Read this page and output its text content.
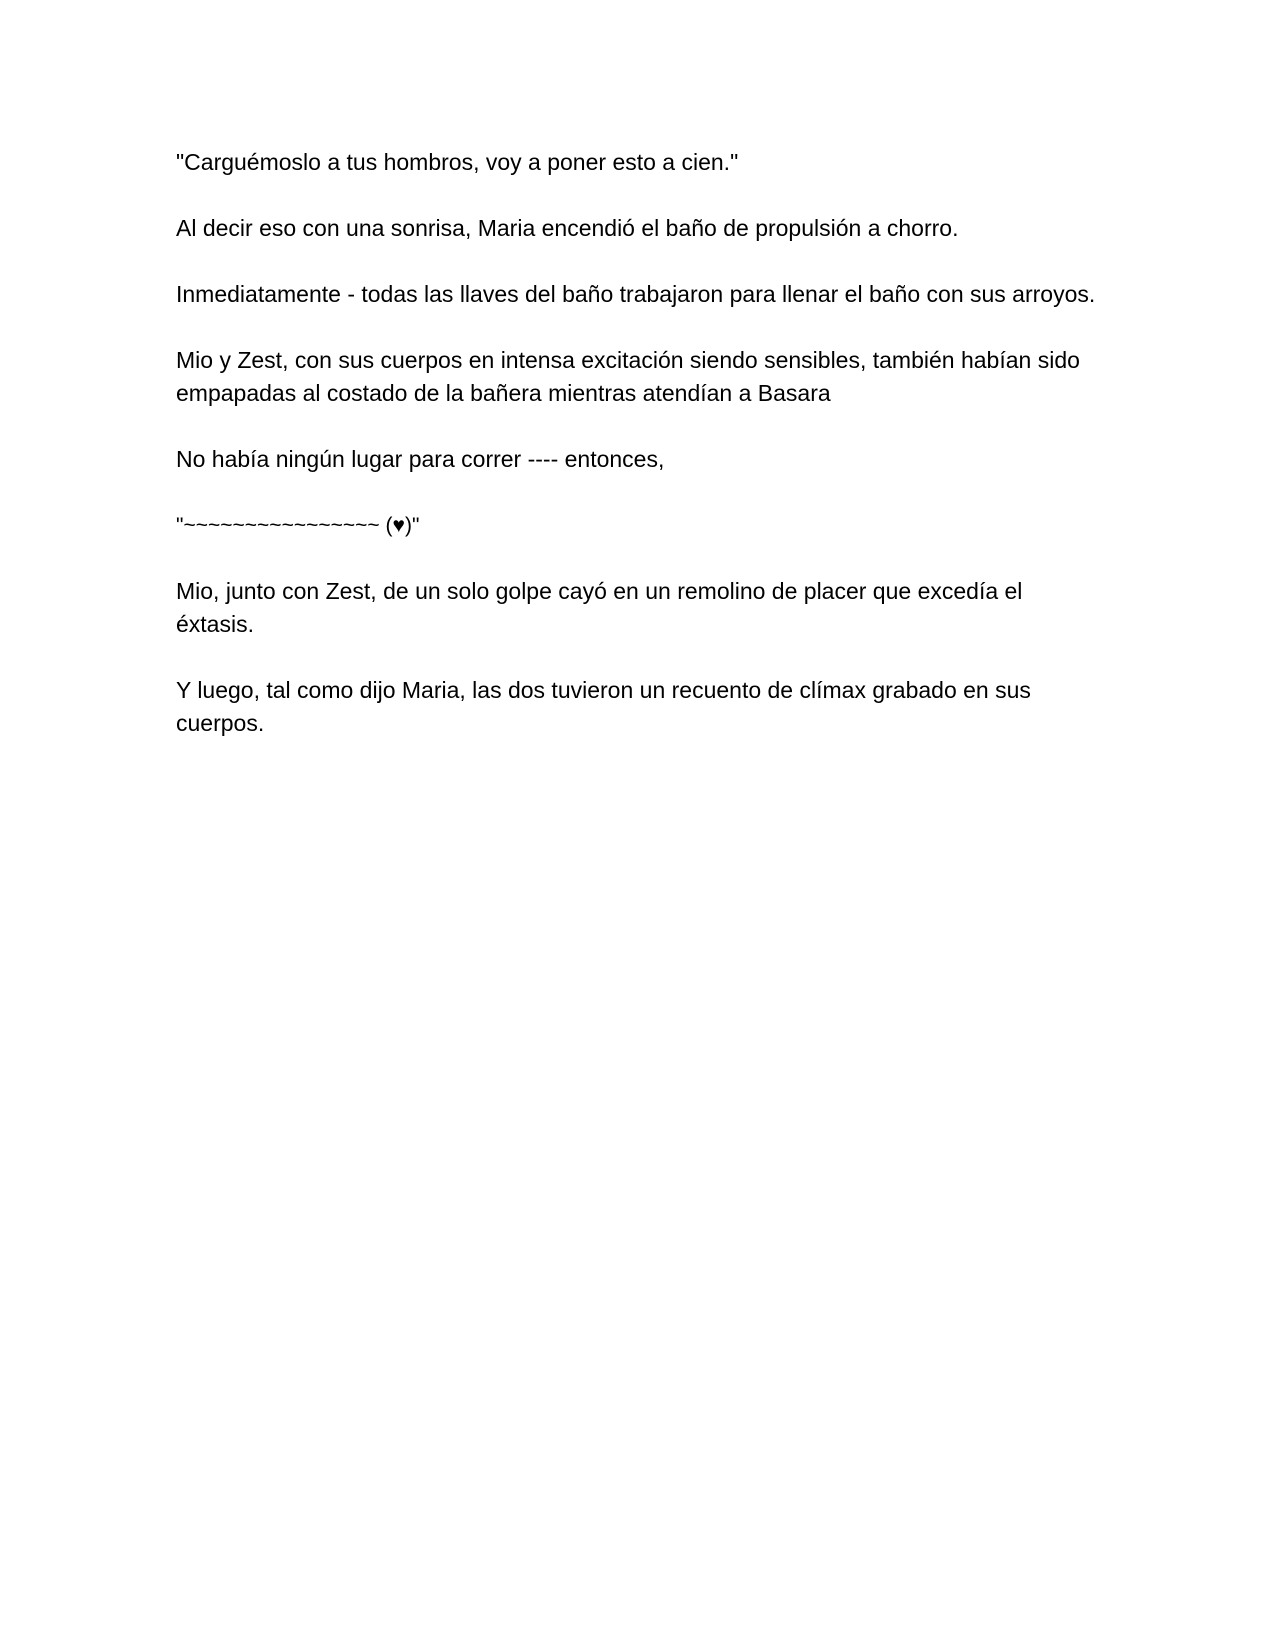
"Carguémoslo a tus hombros, voy a poner esto a cien."

Al decir eso con una sonrisa, Maria encendió el baño de propulsión a chorro.

Inmediatamente - todas las llaves del baño trabajaron para llenar el baño con sus arroyos.

Mio y Zest, con sus cuerpos en intensa excitación siendo sensibles, también habían sido empapadas al costado de la bañera mientras atendían a Basara

No había ningún lugar para correr ---- entonces,

"~~~~~~~~~~~~~~~~ (♥)"

Mio, junto con Zest, de un solo golpe cayó en un remolino de placer que excedía el éxtasis.

Y luego, tal como dijo Maria, las dos tuvieron un recuento de clímax grabado en sus cuerpos.
